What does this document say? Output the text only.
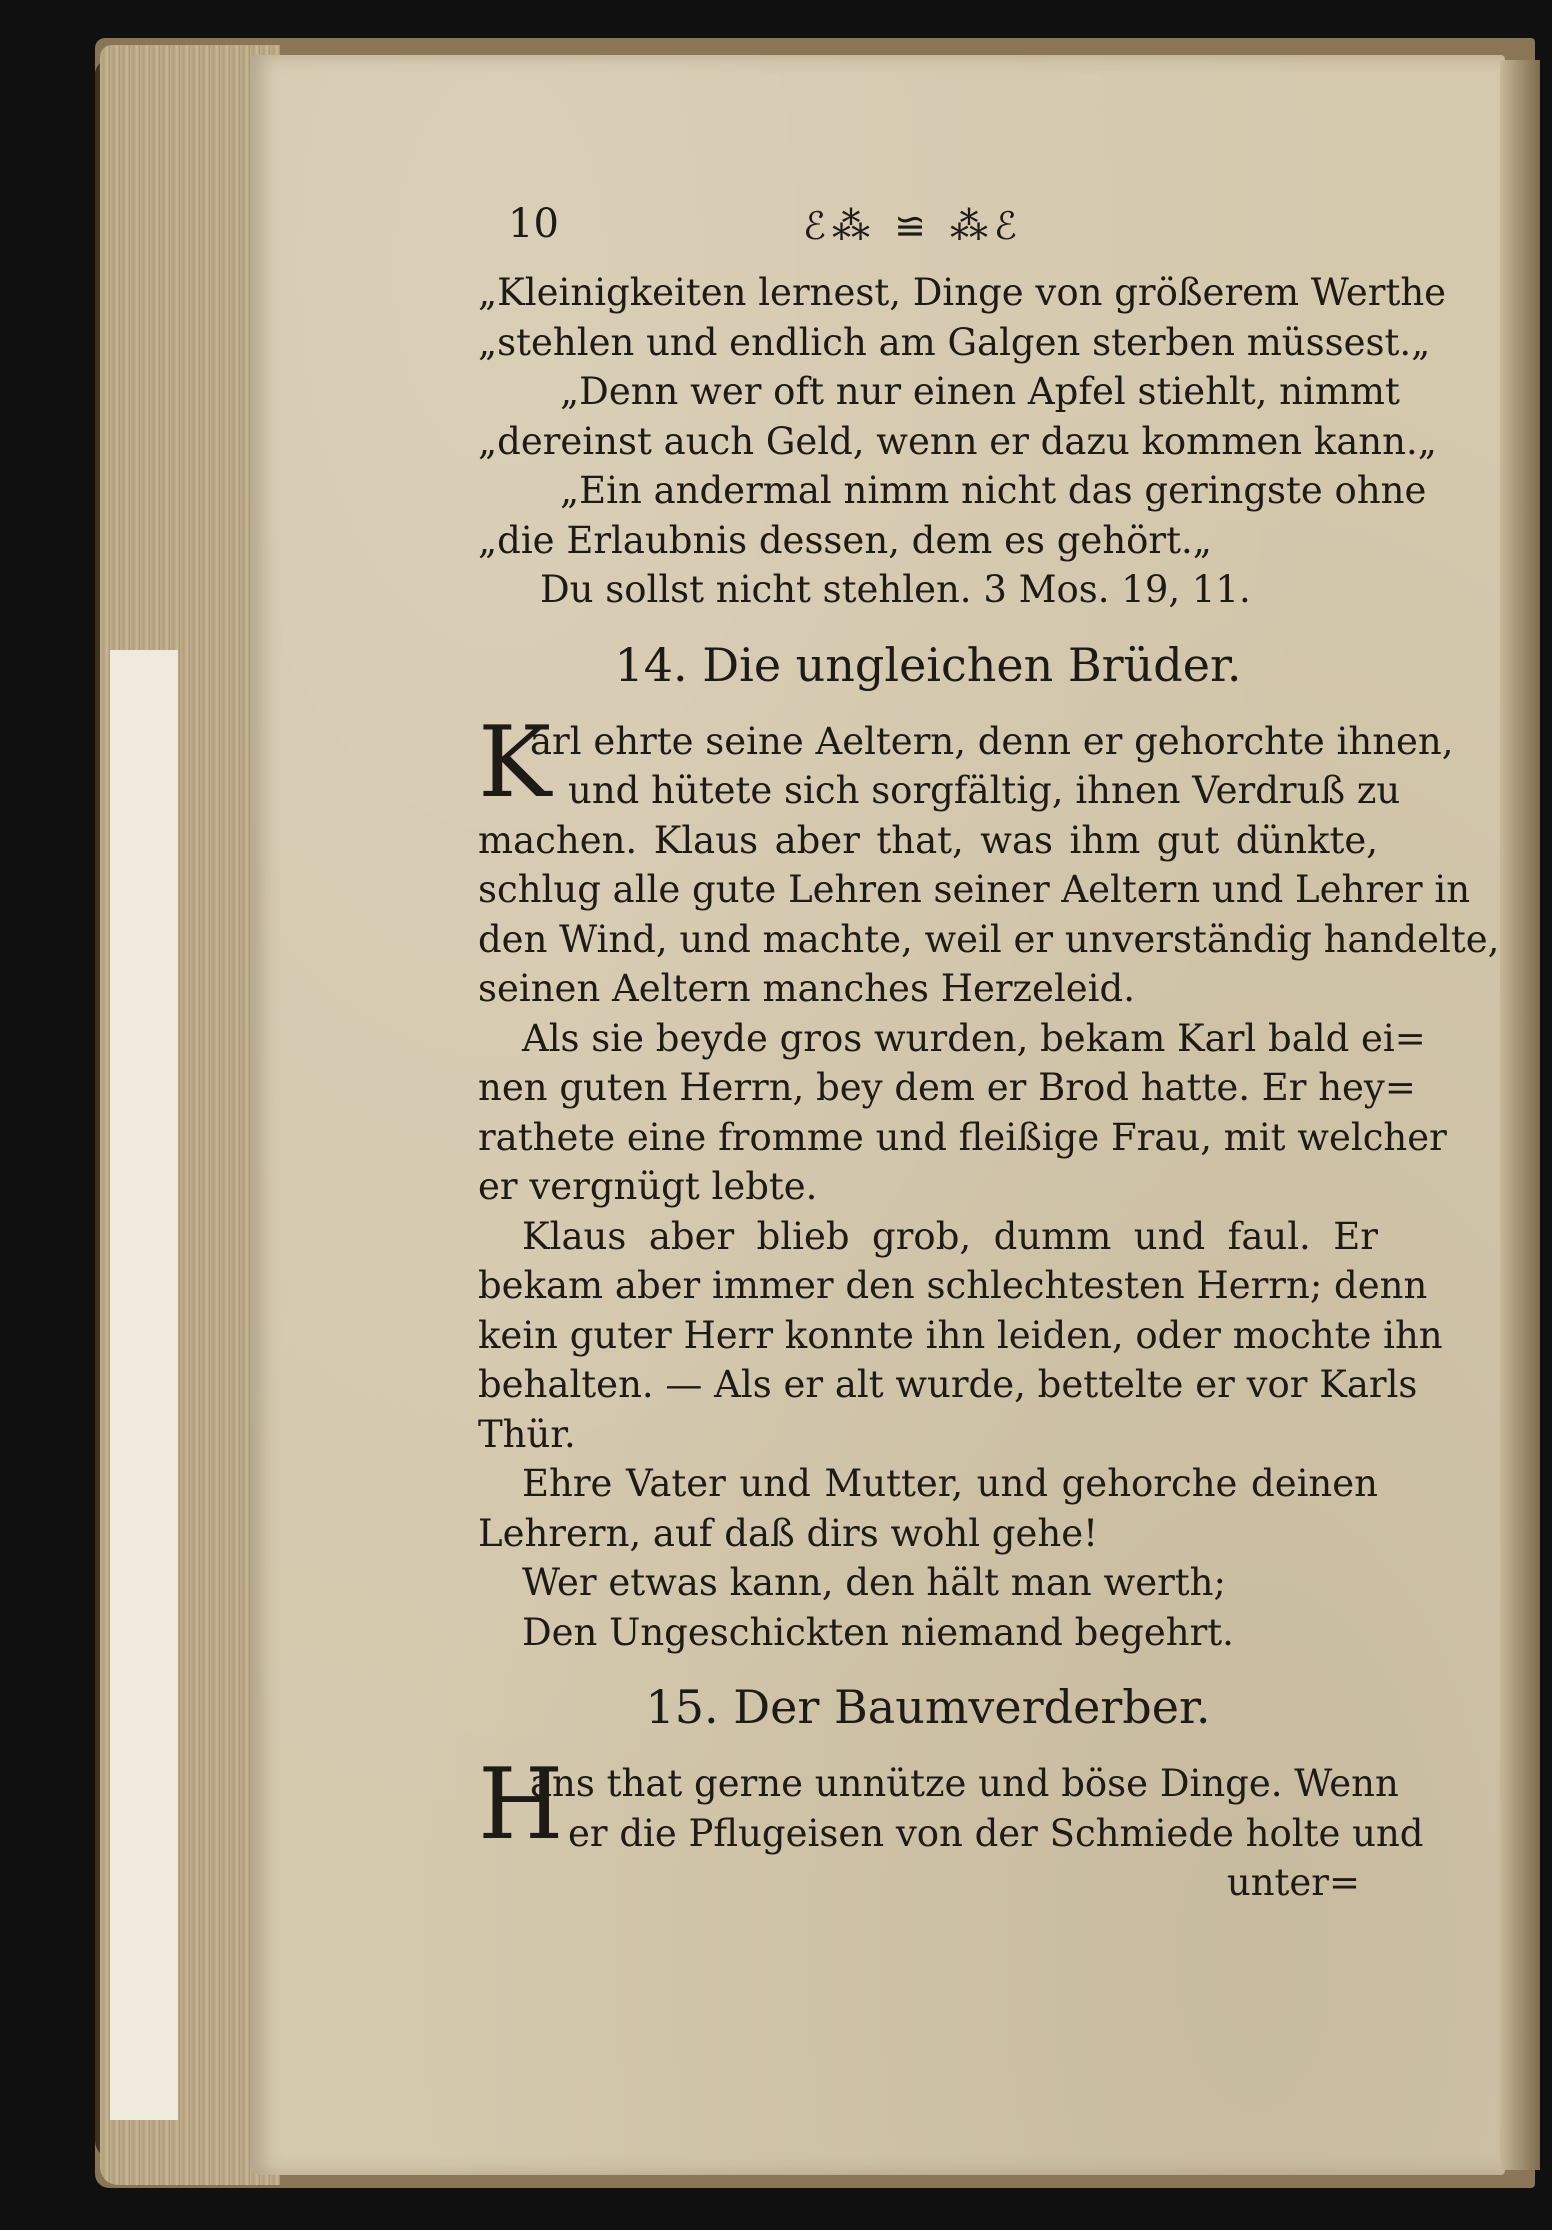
10	ℰ⁂ ≌ ⁂ℰ
„Kleinigkeiten lernest, Dinge von größerem Werthe
„stehlen und endlich am Galgen sterben müssest.„
„Denn wer oft nur einen Apfel stiehlt, nimmt
„dereinst auch Geld, wenn er dazu kommen kann.„
„Ein andermal nimm nicht das geringste ohne
„die Erlaubnis dessen, dem es gehört.„
Du sollst nicht stehlen. 3 Mos. 19, 11.
14. Die ungleichen Brüder.
K
arl ehrte seine Aeltern, denn er gehorchte ihnen,
und hütete sich sorgfältig, ihnen Verdruß zu
machen. Klaus aber that, was ihm gut dünkte,
schlug alle gute Lehren seiner Aeltern und Lehrer in
den Wind, und machte, weil er unverständig handelte,
seinen Aeltern manches Herzeleid.
Als sie beyde gros wurden, bekam Karl bald ei=
nen guten Herrn, bey dem er Brod hatte. Er hey=
rathete eine fromme und fleißige Frau, mit welcher
er vergnügt lebte.
Klaus aber blieb grob, dumm und faul. Er
bekam aber immer den schlechtesten Herrn; denn
kein guter Herr konnte ihn leiden, oder mochte ihn
behalten. — Als er alt wurde, bettelte er vor Karls
Thür.
Ehre Vater und Mutter, und gehorche deinen
Lehrern, auf daß dirs wohl gehe!
Wer etwas kann, den hält man werth;
Den Ungeschickten niemand begehrt.
15. Der Baumverderber.
H
ans that gerne unnütze und böse Dinge. Wenn
er die Pflugeisen von der Schmiede holte und
unter=
